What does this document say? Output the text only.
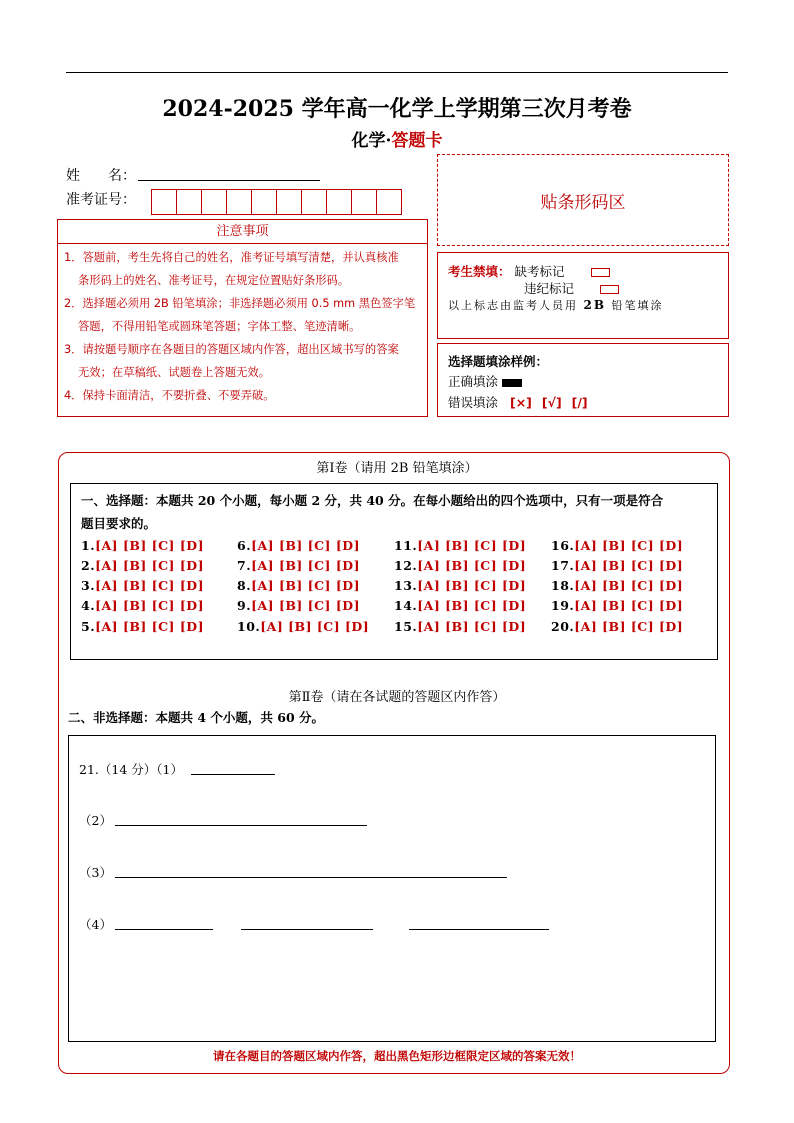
2024-2025 学年高一化学上学期第三次月考卷
化学·答题卡
姓　　名：
准考证号：	贴条形码区
注意事项
1．答题前，考生先将自己的姓名，准考证号填写清楚，并认真核准
条形码上的姓名、准考证号，在规定位置贴好条形码。
2．选择题必须用 2B 铅笔填涂；非选择题必须用 0.5 mm 黑色签字笔
答题，不得用铅笔或圆珠笔答题；字体工整、笔迹清晰。
3．请按题号顺序在各题目的答题区域内作答，超出区域书写的答案
无效；在草稿纸、试题卷上答题无效。
4．保持卡面清洁，不要折叠、不要弄破。
考生禁填： 缺考标记
违纪标记
以上标志由监考人员用 2B 铅笔填涂
选择题填涂样例：
正确填涂
错误填涂 [×] [√] [/]
第Ⅰ卷（请用 2B 铅笔填涂）
一、选择题：本题共 20 个小题，每小题 2 分，共 40 分。在每小题给出的四个选项中，只有一项是符合
题目要求的。
1.[A] [B] [C] [D]
2.[A] [B] [C] [D]
3.[A] [B] [C] [D]
4.[A] [B] [C] [D]
5.[A] [B] [C] [D]
6.[A] [B] [C] [D]
7.[A] [B] [C] [D]
8.[A] [B] [C] [D]
9.[A] [B] [C] [D]
10.[A] [B] [C] [D]
11.[A] [B] [C] [D]
12.[A] [B] [C] [D]
13.[A] [B] [C] [D]
14.[A] [B] [C] [D]
15.[A] [B] [C] [D]
16.[A] [B] [C] [D]
17.[A] [B] [C] [D]
18.[A] [B] [C] [D]
19.[A] [B] [C] [D]
20.[A] [B] [C] [D]
第Ⅱ卷（请在各试题的答题区内作答）
二、非选择题：本题共 4 个小题，共 60 分。
21.（14 分）（1）
（2）
（3）
（4）
请在各题目的答题区域内作答，超出黑色矩形边框限定区域的答案无效！
